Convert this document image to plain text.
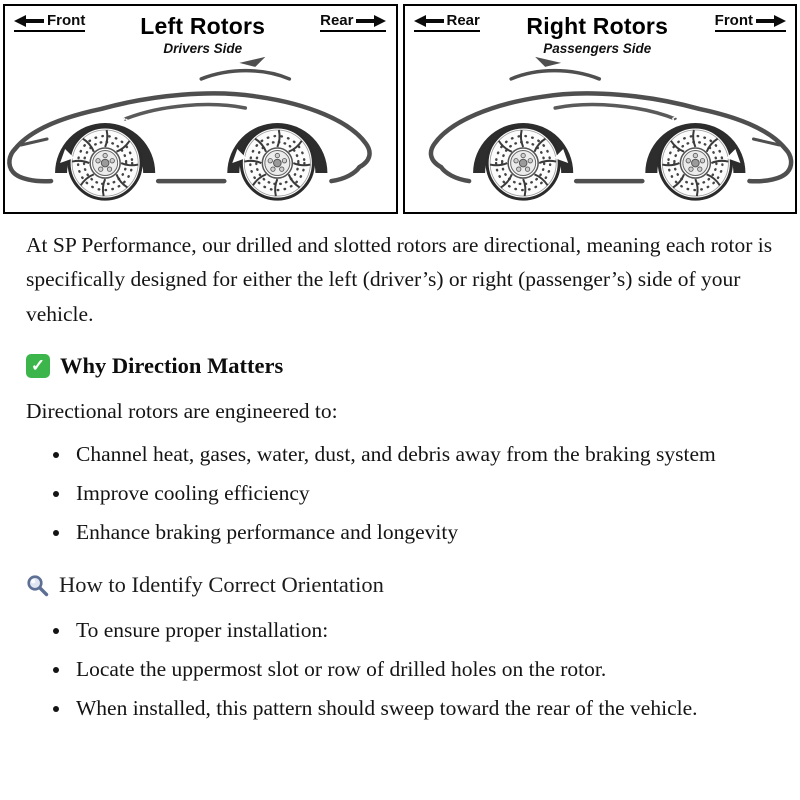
Front Left Rotors
Drivers Side
Rear
Rotation	Rotation
Rear Right Rotors
Passengers Side
Front
Rotation	Rotation

At SP Performance, our drilled and slotted rotors are directional, meaning each rotor is specifically designed for either the left (driver’s) or right (passenger’s) side of your vehicle.

✓ Why Direction Matters

Directional rotors are engineered to:

• Channel heat, gases, water, dust, and debris away from the braking system
• Improve cooling efficiency
• Enhance braking performance and longevity
How to Identify Correct Orientation
• To ensure proper installation:
• Locate the uppermost slot or row of drilled holes on the rotor.
• When installed, this pattern should sweep toward the rear of the vehicle.
